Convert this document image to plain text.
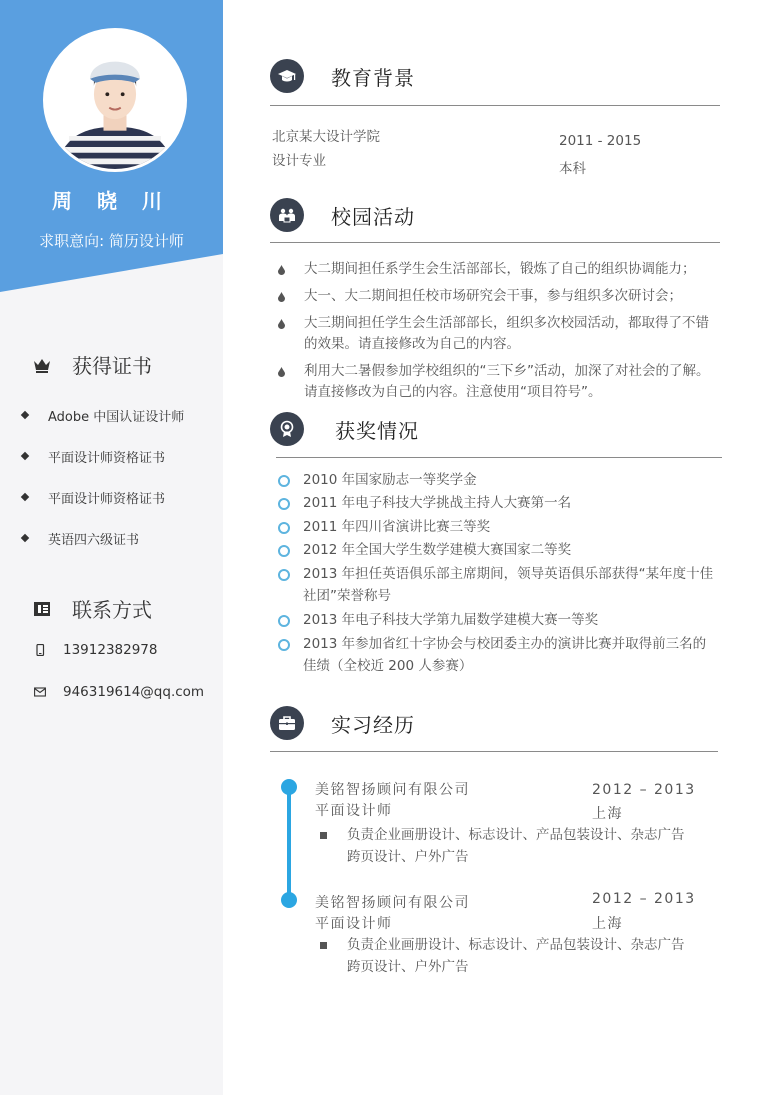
周 晓 川
求职意向: 简历设计师
获得证书
Adobe 中国认证设计师
平面设计师资格证书
平面设计师资格证书
英语四六级证书
联系方式
13912382978
946319614@qq.com
教育背景
北京某大设计学院
设计专业
2011 - 2015
本科
校园活动
大二期间担任系学生会生活部部长，锻炼了自己的组织协调能力；
大一、大二期间担任校市场研究会干事，参与组织多次研讨会；
大三期间担任学生会生活部部长，组织多次校园活动，都取得了不错的效果。请直接修改为自己的内容。
利用大二暑假参加学校组织的“三下乡”活动，加深了对社会的了解。请直接修改为自己的内容。注意使用“项目符号”。
获奖情况
2010 年国家励志一等奖学金
2011 年电子科技大学挑战主持人大赛第一名
2011 年四川省演讲比赛三等奖
2012 年全国大学生数学建模大赛国家二等奖
2013 年担任英语俱乐部主席期间，领导英语俱乐部获得“某年度十佳社团”荣誉称号
2013 年电子科技大学第九届数学建模大赛一等奖
2013 年参加省红十字协会与校团委主办的演讲比赛并取得前三名的佳绩（全校近 200 人参赛）
实习经历
美铭智扬顾问有限公司
平面设计师
2012 – 2013
上海
负责企业画册设计、标志设计、产品包装设计、杂志广告跨页设计、户外广告
美铭智扬顾问有限公司
平面设计师
2012 – 2013
上海
负责企业画册设计、标志设计、产品包装设计、杂志广告跨页设计、户外广告
